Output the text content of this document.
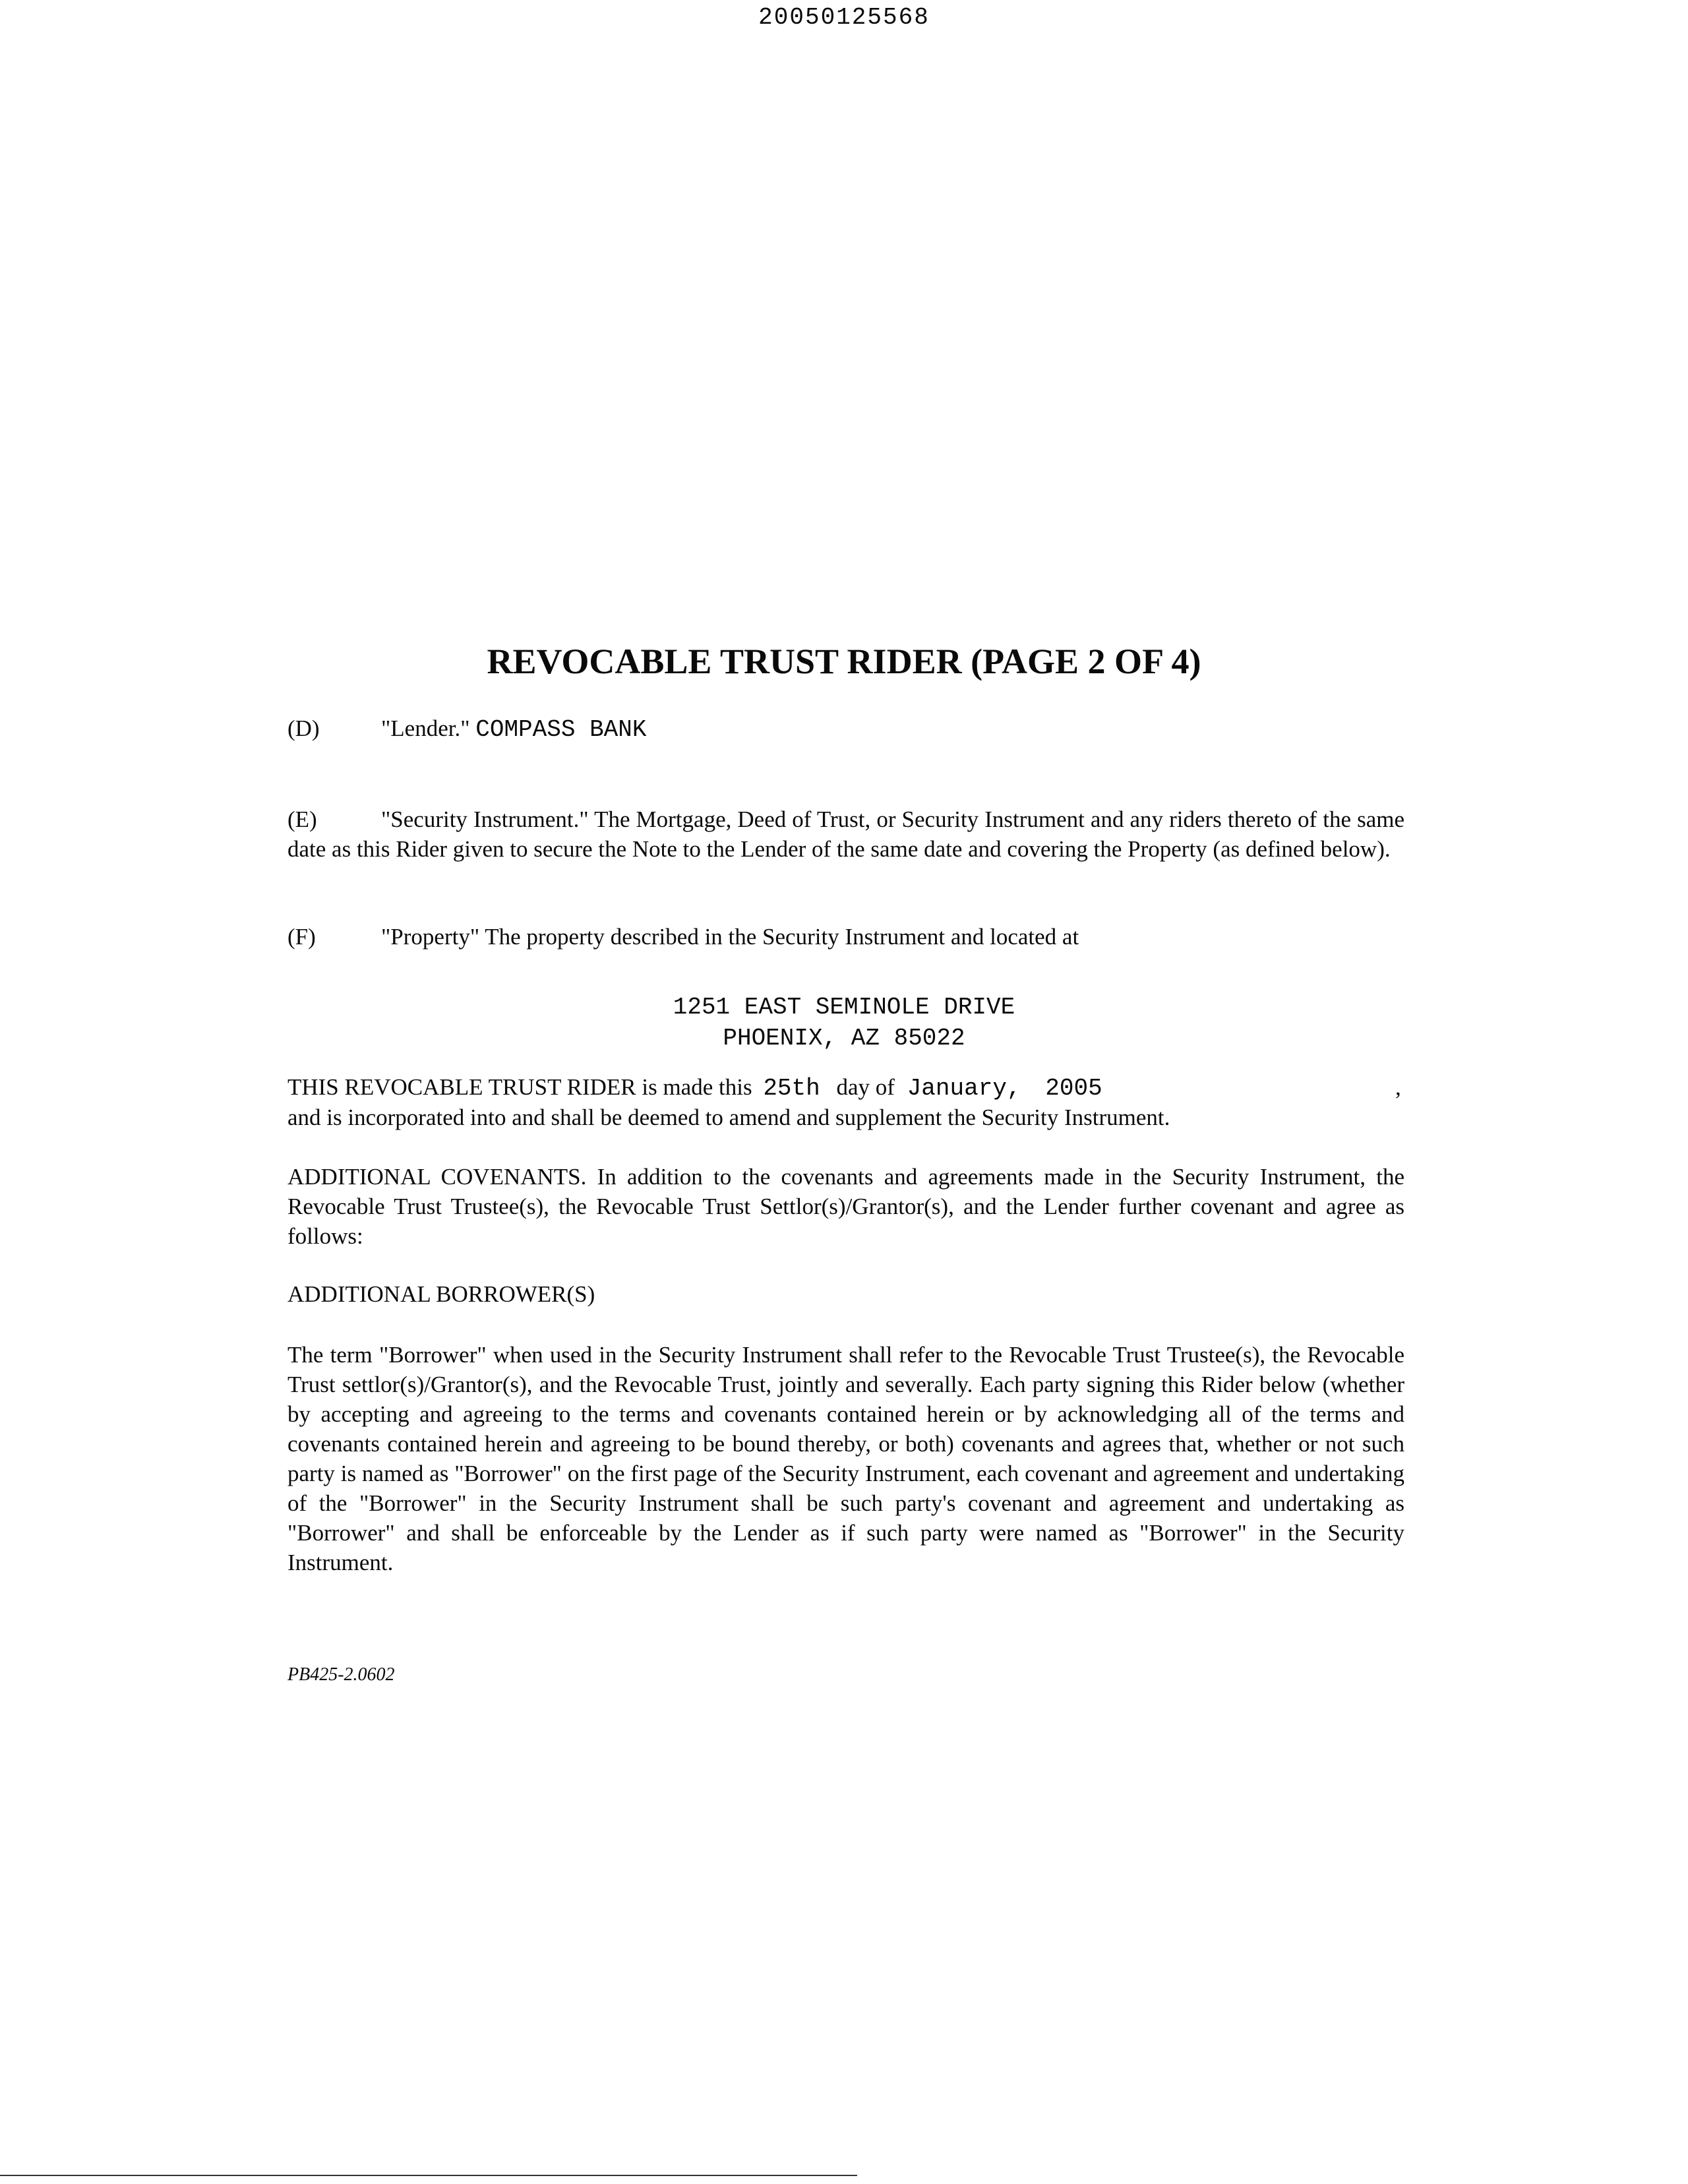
20050125568
REVOCABLE TRUST RIDER (PAGE 2 OF 4)
(D)	"Lender." COMPASS BANK
(E)	"Security Instrument." The Mortgage, Deed of Trust, or Security Instrument and any riders thereto of the same date as this Rider given to secure the Note to the Lender of the same date and covering the Property (as defined below).
(F)	"Property" The property described in the Security Instrument and located at
1251 EAST SEMINOLE DRIVE
PHOENIX, AZ 85022
THIS REVOCABLE TRUST RIDER is made this 25th day of January, 2005	,
and is incorporated into and shall be deemed to amend and supplement the Security Instrument.
ADDITIONAL COVENANTS. In addition to the covenants and agreements made in the Security Instrument, the Revocable Trust Trustee(s), the Revocable Trust Settlor(s)/Grantor(s), and the Lender further covenant and agree as follows:
ADDITIONAL BORROWER(S)
The term "Borrower" when used in the Security Instrument shall refer to the Revocable Trust Trustee(s), the Revocable Trust settlor(s)/Grantor(s), and the Revocable Trust, jointly and severally. Each party signing this Rider below (whether by accepting and agreeing to the terms and covenants contained herein or by acknowledging all of the terms and covenants contained herein and agreeing to be bound thereby, or both) covenants and agrees that, whether or not such party is named as "Borrower" on the first page of the Security Instrument, each covenant and agreement and undertaking of the "Borrower" in the Security Instrument shall be such party's covenant and agreement and undertaking as "Borrower" and shall be enforceable by the Lender as if such party were named as "Borrower" in the Security Instrument.
PB425-2.0602
